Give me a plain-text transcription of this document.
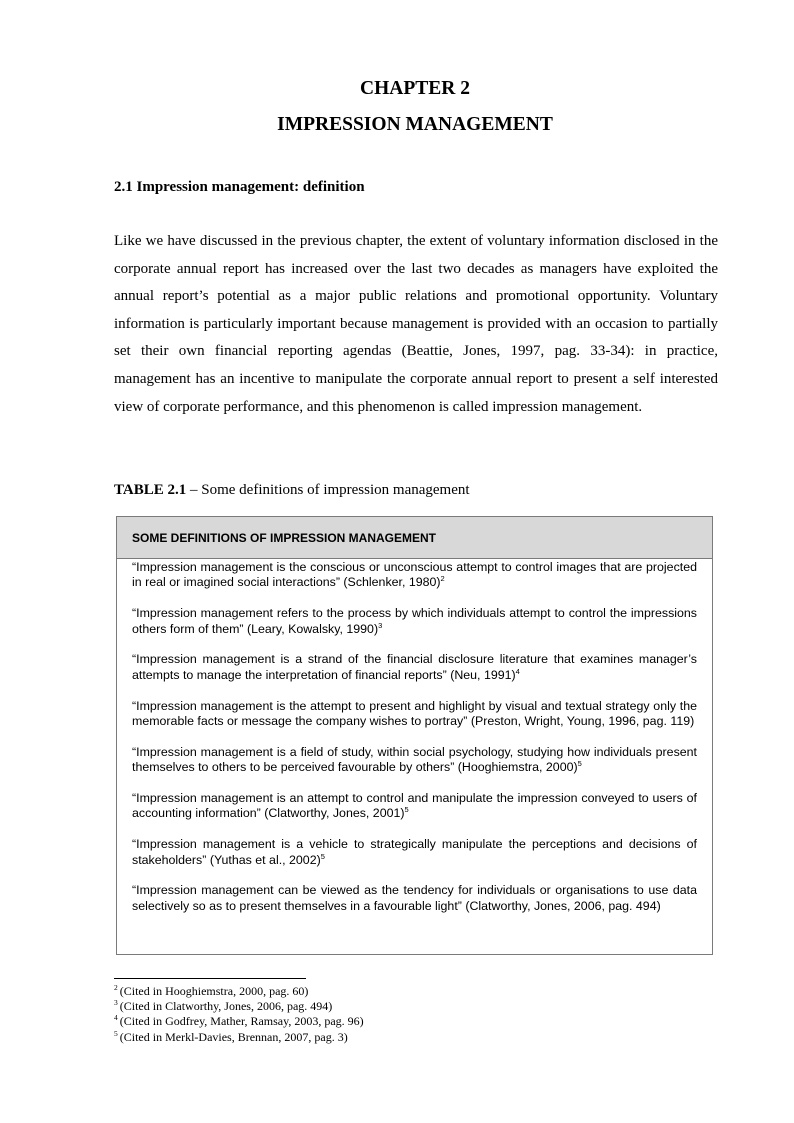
CHAPTER 2
IMPRESSION MANAGEMENT
2.1 Impression management: definition

Like we have discussed in the previous chapter, the extent of voluntary information disclosed in the corporate annual report has increased over the last two decades as managers have exploited the annual report’s potential as a major public relations and promotional opportunity. Voluntary information is particularly important because management is provided with an occasion to partially set their own financial reporting agendas (Beattie, Jones, 1997, pag. 33-34): in practice, management has an incentive to manipulate the corporate annual report to present a self interested view of corporate performance, and this phenomenon is called impression management.

TABLE 2.1 – Some definitions of impression management
SOME DEFINITIONS OF IMPRESSION MANAGEMENT

“Impression management is the conscious or unconscious attempt to control images that are projected in real or imagined social interactions” (Schlenker, 1980)$^2$

“Impression management refers to the process by which individuals attempt to control the impressions others form of them” (Leary, Kowalsky, 1990)$^3$

“Impression management is a strand of the financial disclosure literature that examines manager’s attempts to manage the interpretation of financial reports” (Neu, 1991)$^4$

“Impression management is the attempt to present and highlight by visual and textual strategy only the memorable facts or message the company wishes to portray” (Preston, Wright, Young, 1996, pag. 119)

“Impression management is a field of study, within social psychology, studying how individuals present themselves to others to be perceived favourable by others” (Hooghiemstra, 2000)$^5$

“Impression management is an attempt to control and manipulate the impression conveyed to users of accounting information” (Clatworthy, Jones, 2001)$^5$

“Impression management is a vehicle to strategically manipulate the perceptions and decisions of stakeholders” (Yuthas et al., 2002)$^5$

“Impression management can be viewed as the tendency for individuals or organisations to use data selectively so as to present themselves in a favourable light” (Clatworthy, Jones, 2006, pag. 494)

$^2$ (Cited in Hooghiemstra, 2000, pag. 60)
$^3$ (Cited in Clatworthy, Jones, 2006, pag. 494)
$^4$ (Cited in Godfrey, Mather, Ramsay, 2003, pag. 96)
$^5$ (Cited in Merkl-Davies, Brennan, 2007, pag. 3)
